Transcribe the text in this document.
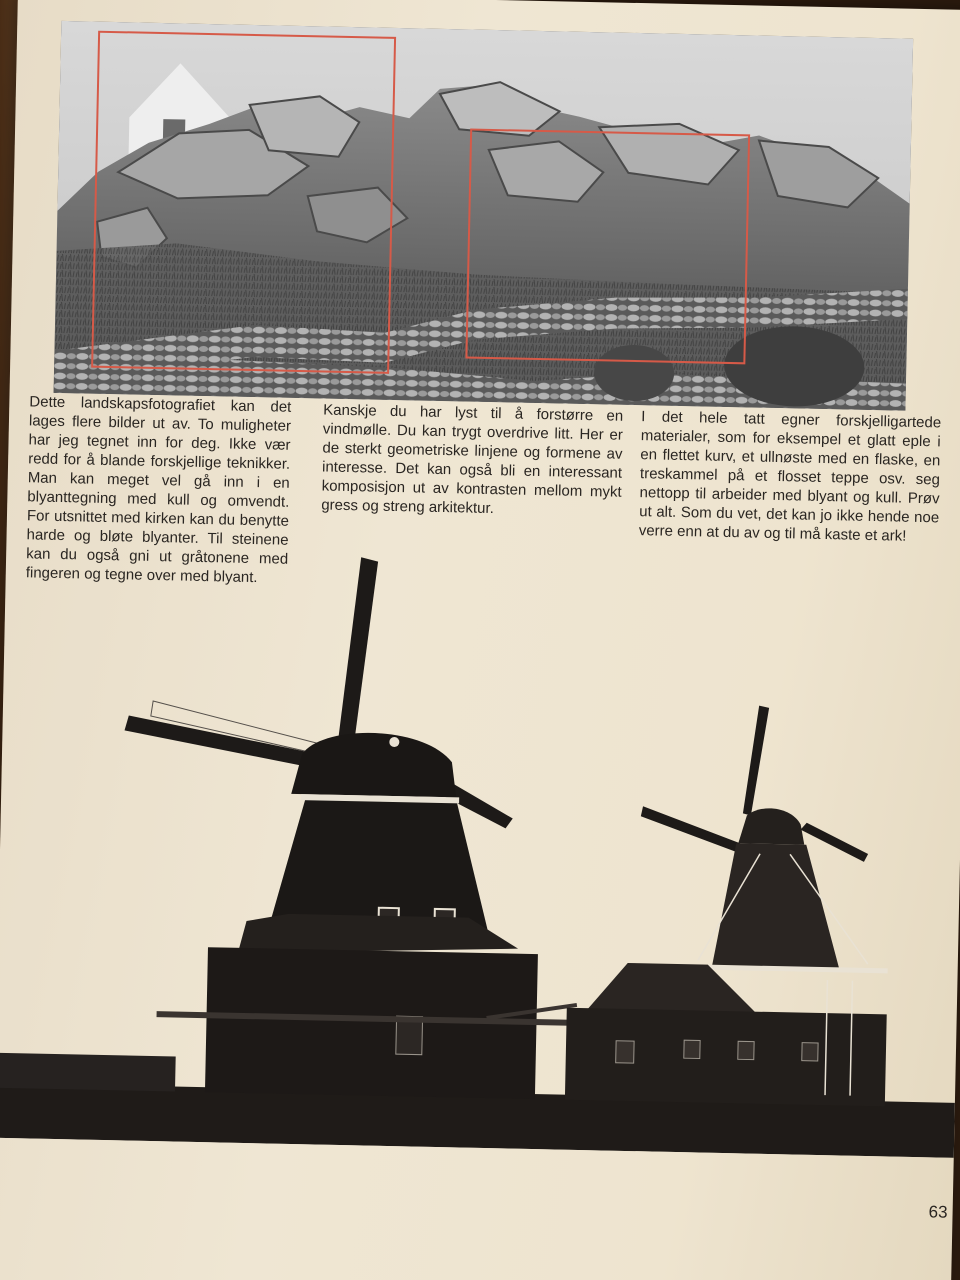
Dette landskapsfotografiet kan det lages flere bilder ut av. To muligheter har jeg tegnet inn for deg. Ikke vær redd for å blande forskjellige teknikker. Man kan meget vel gå inn i en blyanttegning med kull og omvendt. For utsnittet med kirken kan du benytte harde og bløte blyanter. Til steinene kan du også gni ut gråtonene med fingeren og tegne over med blyant.

Kanskje du har lyst til å forstørre en vindmølle. Du kan trygt overdrive litt. Her er de sterkt geometriske linjene og formene av interesse. Det kan også bli en interessant komposisjon ut av kontrasten mellom mykt gress og streng arkitektur.

I det hele tatt egner forskjelligartede materialer, som for eksempel et glatt eple i en flettet kurv, et ullnøste med en flaske, en treskammel på et flosset teppe osv. seg nettopp til arbeider med blyant og kull. Prøv ut alt. Som du vet, det kan jo ikke hende noe verre enn at du av og til må kaste et ark!

63
